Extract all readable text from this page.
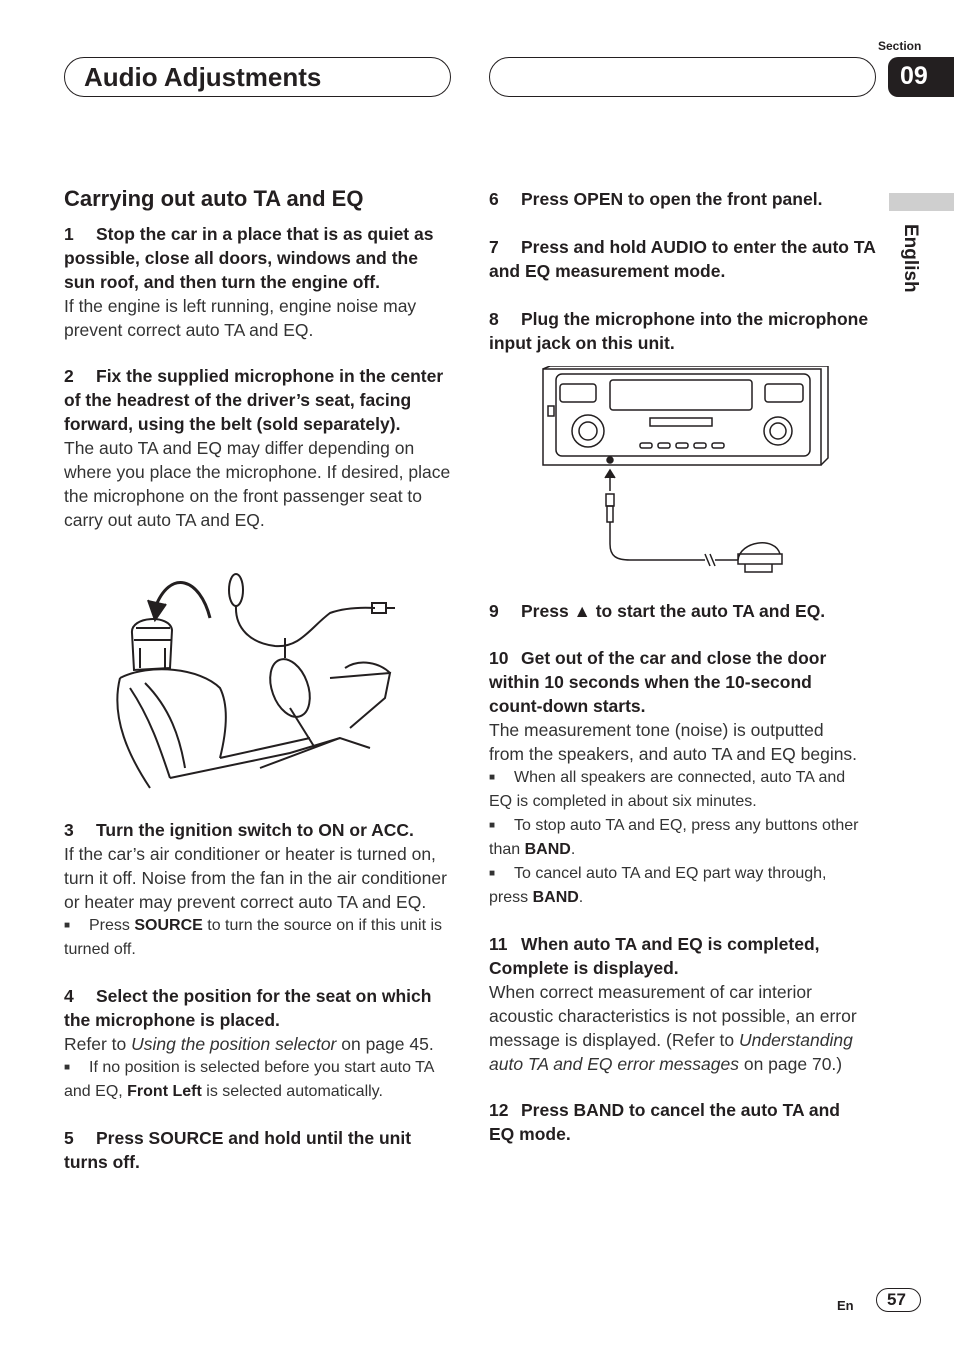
Audio Adjustments
Section
09
English
Carrying out auto TA and EQ

1 Stop the car in a place that is as quiet as possible, close all doors, windows and the sun roof, and then turn the engine off.

If the engine is left running, engine noise may prevent correct auto TA and EQ.

2 Fix the supplied microphone in the center of the headrest of the driver’s seat, facing forward, using the belt (sold separately).

The auto TA and EQ may differ depending on where you place the microphone. If desired, place the microphone on the front passenger seat to carry out auto TA and EQ.

3 Turn the ignition switch to ON or ACC.

If the car’s air conditioner or heater is turned on, turn it off. Noise from the fan in the air conditioner or heater may prevent correct auto TA and EQ.

■ Press SOURCE to turn the source on if this unit is turned off.

4 Select the position for the seat on which the microphone is placed.

Refer to Using the position selector on page 45.

■ If no position is selected before you start auto TA and EQ, Front Left is selected automatically.

5 Press SOURCE and hold until the unit turns off.

6 Press OPEN to open the front panel.

7 Press and hold AUDIO to enter the auto TA and EQ measurement mode.

8 Plug the microphone into the microphone input jack on this unit.

9 Press ▲ to start the auto TA and EQ.

10 Get out of the car and close the door within 10 seconds when the 10-second count-down starts.

The measurement tone (noise) is outputted from the speakers, and auto TA and EQ begins.

■ When all speakers are connected, auto TA and EQ is completed in about six minutes.

■ To stop auto TA and EQ, press any buttons other than BAND.

■ To cancel auto TA and EQ part way through, press BAND.

11 When auto TA and EQ is completed, Complete is displayed.

When correct measurement of car interior acoustic characteristics is not possible, an error message is displayed. (Refer to Understanding auto TA and EQ error messages on page 70.)

12 Press BAND to cancel the auto TA and EQ mode.

En 57
